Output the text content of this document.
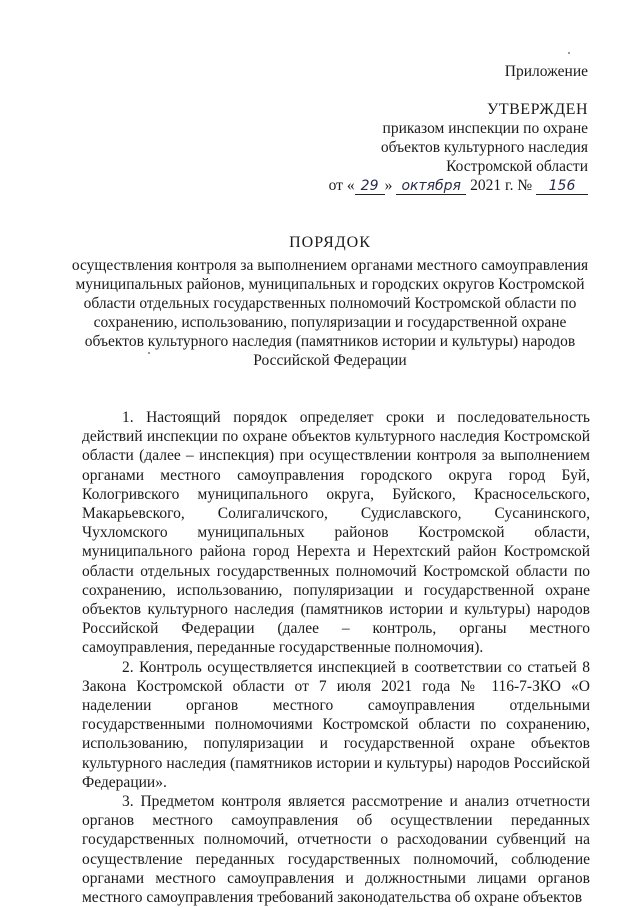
Приложение
УТВЕРЖДЕН
приказом инспекции по охране
объектов культурного наследия
Костромской области
от « 29 » октября 2021 г. № 156
ПОРЯДОК
осуществления контроля за выполнением органами местного самоуправления муниципальных районов, муниципальных и городских округов Костромской области отдельных государственных полномочий Костромской области по сохранению, использованию, популяризации и государственной охране объектов культурного наследия (памятников истории и культуры) народов Российской Федерации

1. Настоящий порядок определяет сроки и последовательность действий инспекции по охране объектов культурного наследия Костромской области (далее – инспекция) при осуществлении контроля за выполнением органами местного самоуправления городского округа город Буй, Кологривского муниципального округа, Буйского, Красносельского, Макарьевского, Солигаличского, Судиславского, Сусанинского, Чухломского муниципальных районов Костромской области, муниципального района город Нерехта и Нерехтский район Костромской области отдельных государственных полномочий Костромской области по сохранению, использованию, популяризации и государственной охране объектов культурного наследия (памятников истории и культуры) народов Российской Федерации (далее – контроль, органы местного самоуправления, переданные государственные полномочия).

2. Контроль осуществляется инспекцией в соответствии со статьей 8 Закона Костромской области от 7 июля 2021 года № 116-7-ЗКО «О наделении органов местного самоуправления отдельными государственными полномочиями Костромской области по сохранению, использованию, популяризации и государственной охране объектов культурного наследия (памятников истории и культуры) народов Российской Федерации».

3. Предметом контроля является рассмотрение и анализ отчетности органов местного самоуправления об осуществлении переданных государственных полномочий, отчетности о расходовании субвенций на осуществление переданных государственных полномочий, соблюдение органами местного самоуправления и должностными лицами органов местного самоуправления требований законодательства об охране объектов
